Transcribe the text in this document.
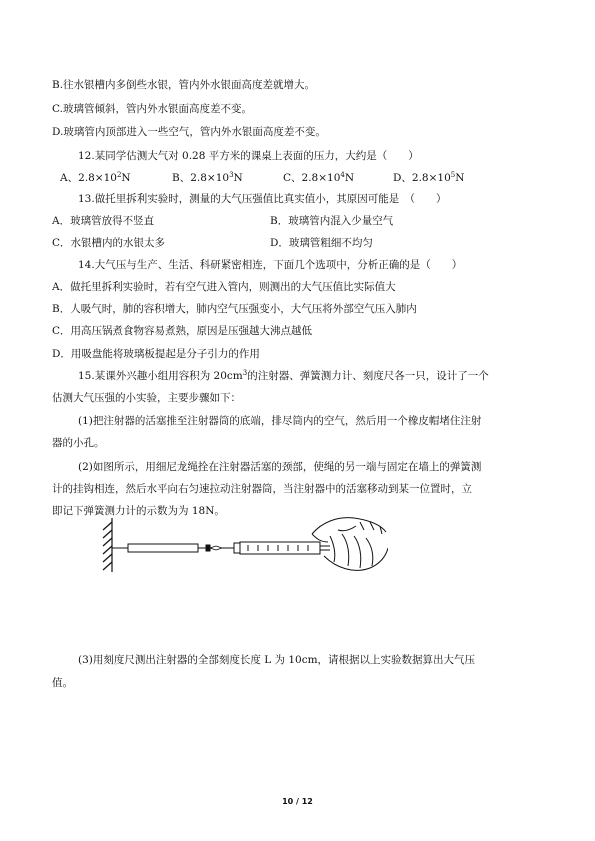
B.往水银槽内多倒些水银，管内外水银面高度差就增大。
C.玻璃管倾斜，管内外水银面高度差不变。
D.玻璃管内顶部进入一些空气，管内外水银面高度差不变。
12.某同学估测大气对 0.28 平方米的课桌上表面的压力，大约是（　　）
A、$2.8\times 10^2N$	B、$2.8\times 10^3N$	C、$2.8\times 10^4N$	D、$2.8\times 10^5N$
13.做托里拆利实验时，测量的大气压强值比真实值小，其原因可能是　（　　）
A．玻璃管放得不竖直	B．玻璃管内混入少量空气
C．水银槽内的水银太多	D．玻璃管粗细不均匀
14.大气压与生产、生活、科研紧密相连，下面几个选项中，分析正确的是（　　）
A．做托里拆利实验时，若有空气进入管内，则测出的大气压值比实际值大
B．人吸气时，肺的容积增大，肺内空气压强变小，大气压将外部空气压入肺内
C．用高压锅煮食物容易煮熟，原因是压强越大沸点越低
D．用吸盘能将玻璃板提起是分子引力的作用
15.某课外兴趣小组用容积为 $20cm^3$的注射器、弹簧测力计、刻度尺各一只，设计了一个
估测大气压强的小实验，主要步骤如下：
(1)把注射器的活塞推至注射器筒的底端，排尽筒内的空气，然后用一个橡皮帽堵住注射
器的小孔。
(2)如图所示，用细尼龙绳拴在注射器活塞的颈部，使绳的另一端与固定在墙上的弹簧测
计的挂钩相连，然后水平向右匀速拉动注射器筒，当注射器中的活塞移动到某一位置时，立
即记下弹簧测力计的示数为为 18N。
(3)用刻度尺测出注射器的全部刻度长度 L 为 10cm，请根据以上实验数据算出大气压
值。
10 / 12
